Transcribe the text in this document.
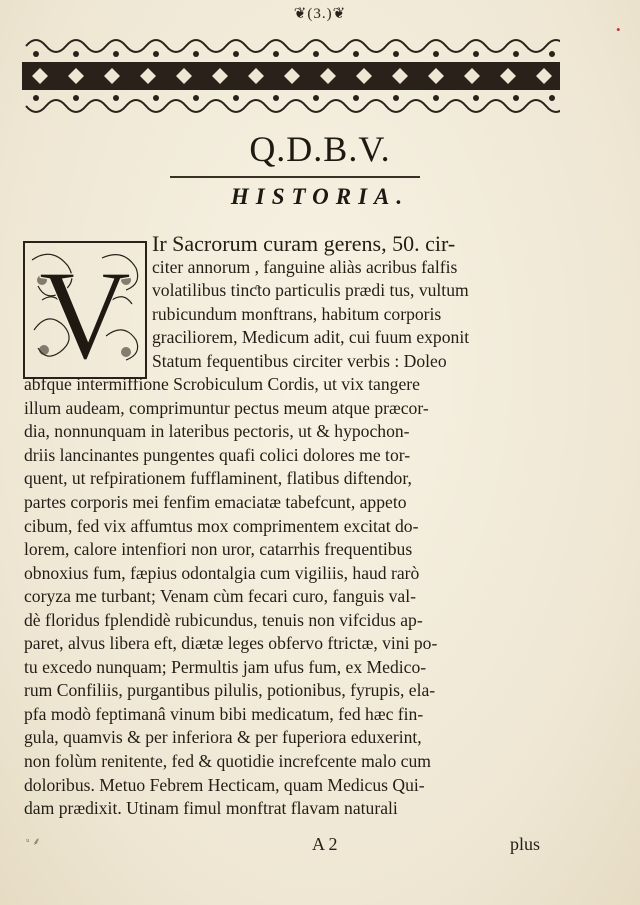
•
❦(3.)❦
Q.D.B.V.
HISTORIA.
V
Ir Sacrorum curam gerens, 50. cir-
citer annorum , fanguine aliàs acribus falfis
volatilibus tinƈto particulis prædi tus, vultum
rubicundum monftrans, habitum corporis
graciliorem, Medicum adit, cui fuum exponit
Statum fequentibus circiter verbis : Doleo
abfque intermiffione Scrobiculum Cordis, ut vix tangere
illum audeam, comprimuntur pectus meum atque præcor-
dia, nonnunquam in lateribus pectoris, ut & hypochon-
driis lancinantes pungentes quafi colici dolores me tor-
quent, ut refpirationem fufflaminent, flatibus diftendor,
partes corporis mei fenfim emaciatæ tabefcunt, appeto
cibum, fed vix affumtus mox comprimentem excitat do-
lorem, calore intenfiori non uror, catarrhis frequentibus
obnoxius fum, fæpius odontalgia cum vigiliis, haud rarò
coryza me turbant; Venam cùm fecari curo, fanguis val-
dè floridus fplendidè rubicundus, tenuis non vifcidus ap-
paret, alvus libera eft, diætæ leges obfervo ftrictæ, vini po-
tu excedo nunquam; Permultis jam ufus fum, ex Medico-
rum Confiliis, purgantibus pilulis, potionibus, fyrupis, ela-
pfa modò feptimanâ vinum bibi medicatum, fed hæc fin-
gula, quamvis & per inferiora & per fuperiora eduxerint,
non folùm renitente, fed & quotidie increfcente malo cum
doloribus. Metuo Febrem Hecticam, quam Medicus Qui-
dam prædixit. Utinam fimul monftrat flavam naturali
ᵘ ⸙	A 2	plus
